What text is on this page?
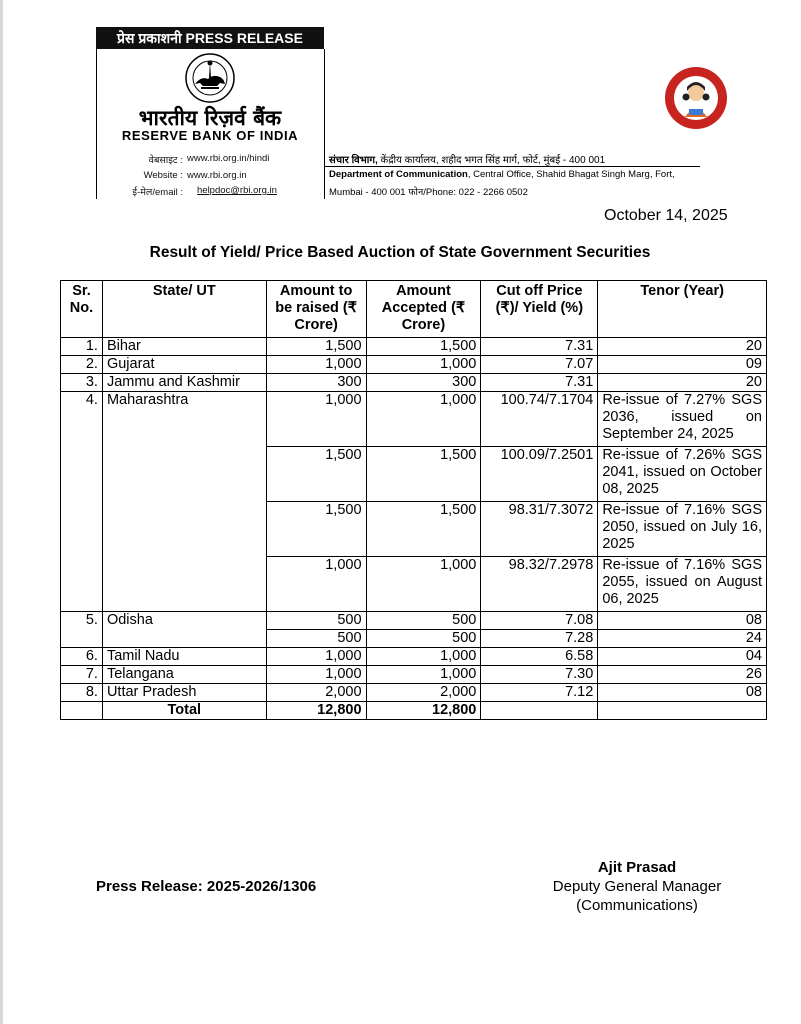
प्रेस प्रकाशनी PRESS RELEASE
भारतीय रिज़र्व बैंक
RESERVE BANK OF INDIA
वेबसाइट : www.rbi.org.in/hindi
Website : www.rbi.org.in
ई-मेल/email : helpdoc@rbi.org.in
संचार विभाग, केंद्रीय कार्यालय, शहीद भगत सिंह मार्ग, फोर्ट, मुंबई - 400 001
Department of Communication, Central Office, Shahid Bhagat Singh Marg, Fort,
Mumbai - 400 001 फोन/Phone: 022 - 2266 0502
October 14, 2025
Result of Yield/ Price Based Auction of State Government Securities
Sr. No.	State/ UT	Amount to be raised (₹ Crore)	Amount Accepted (₹ Crore)	Cut off Price (₹)/ Yield (%)	Tenor (Year)
1.	Bihar	1,500	1,500	7.31	20
2.	Gujarat	1,000	1,000	7.07	09
3.	Jammu and Kashmir	300	300	7.31	20
4.	Maharashtra	1,000	1,000	100.74/7.1704	Re-issue of 7.27% SGS 2036, issued on September 24, 2025
		1,500	1,500	100.09/7.2501	Re-issue of 7.26% SGS 2041, issued on October 08, 2025
		1,500	1,500	98.31/7.3072	Re-issue of 7.16% SGS 2050, issued on July 16, 2025
		1,000	1,000	98.32/7.2978	Re-issue of 7.16% SGS 2055, issued on August 06, 2025
5.	Odisha	500	500	7.08	08
		500	500	7.28	24
6.	Tamil Nadu	1,000	1,000	6.58	04
7.	Telangana	1,000	1,000	7.30	26
8.	Uttar Pradesh	2,000	2,000	7.12	08
	Total	12,800	12,800		
Press Release: 2025-2026/1306
Ajit Prasad
Deputy General Manager
(Communications)
